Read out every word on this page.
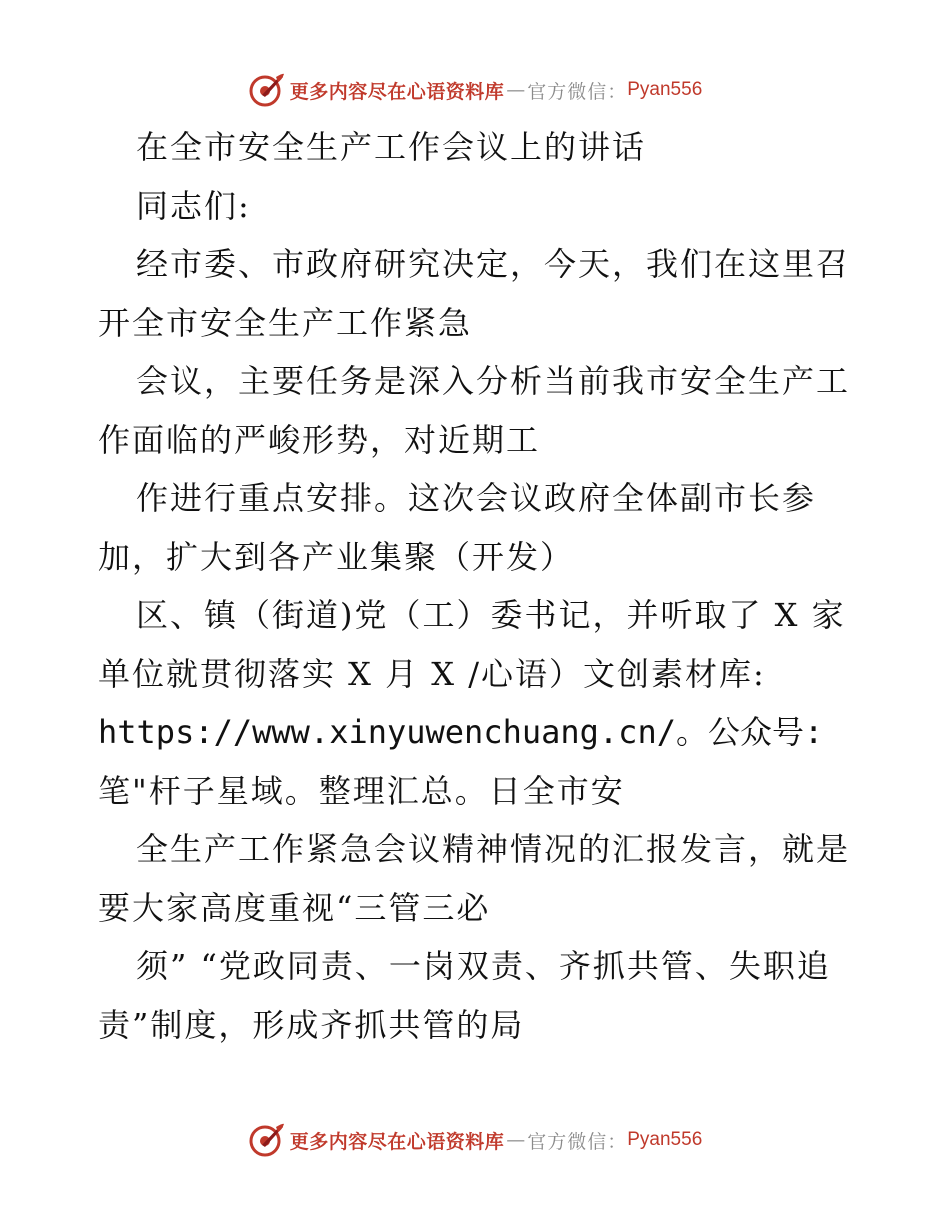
更多内容尽在心语资料库 — 官方微信： Pyan556

在全市安全生产工作会议上的讲话

同志们:

经市委、市政府研究决定，今天，我们在这里召

开全市安全生产工作紧急

会议，主要任务是深入分析当前我市安全生产工

作面临的严峻形势，对近期工

作进行重点安排。这次会议政府全体副市长参

加，扩大到各产业集聚（开发）

区、镇（街道)党（工）委书记，并听取了 X 家

单位就贯彻落实 X 月 X /心语）文创素材库:

https://www.xinyuwenchuang.cn/。公众号:

笔"杆子星域。整理汇总。日全市安

全生产工作紧急会议精神情况的汇报发言，就是

要大家高度重视“三管三必

须” “党政同责、一岗双责、齐抓共管、失职追

责”制度，形成齐抓共管的局

更多内容尽在心语资料库 — 官方微信： Pyan556
